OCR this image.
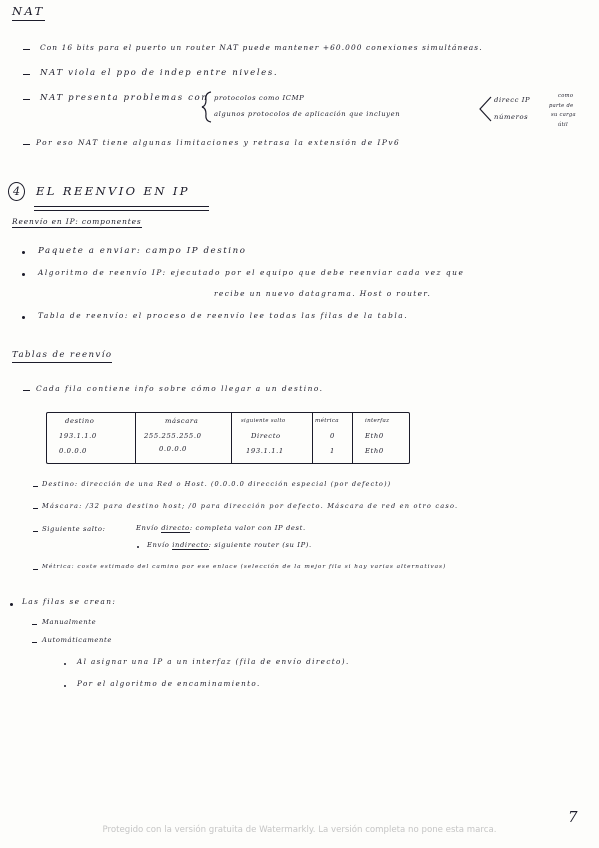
NAT
Con 16 bits para el puerto un router NAT puede mantener +60.000 conexiones simultáneas.
NAT viola el ppo de indep entre niveles.
NAT presenta problemas con protocolos como ICMP
algunos protocolos de aplicación que incluyen
direcc IP
números
como
parte de
su carga
útil
Por eso NAT tiene algunas limitaciones y retrasa la extensión de IPv6
4	EL REENVIO EN IP
Reenvío en IP: componentes
Paquete a enviar: campo IP destino
Algoritmo de reenvío IP: ejecutado por el equipo que debe reenviar cada vez que
recibe un nuevo datagrama. Host o router.
Tabla de reenvío: el proceso de reenvío lee todas las filas de la tabla.
Tablas de reenvío
Cada fila contiene info sobre cómo llegar a un destino.
destino	máscara	siguiente salto	métrica	interfaz
193.1.1.0	255.255.255.0	Directo	0	Eth0
0.0.0.0	0.0.0.0	193.1.1.1	1	Eth0
Destino: dirección de una Red o Host. (0.0.0.0 dirección especial (por defecto))
Máscara: /32 para destino host; /0 para dirección por defecto. Máscara de red en otro caso.
Siguiente salto:	Envío directo: completa valor con IP dest.
Envío indirecto: siguiente router (su IP).
Métrica: coste estimado del camino por ese enlace (selección de la mejor fila si hay varias alternativas)
Las filas se crean:
Manualmente
Automáticamente
Al asignar una IP a un interfaz (fila de envío directo).
Por el algoritmo de encaminamiento.
7
Protegido con la versión gratuita de Watermarkly. La versión completa no pone esta marca.
